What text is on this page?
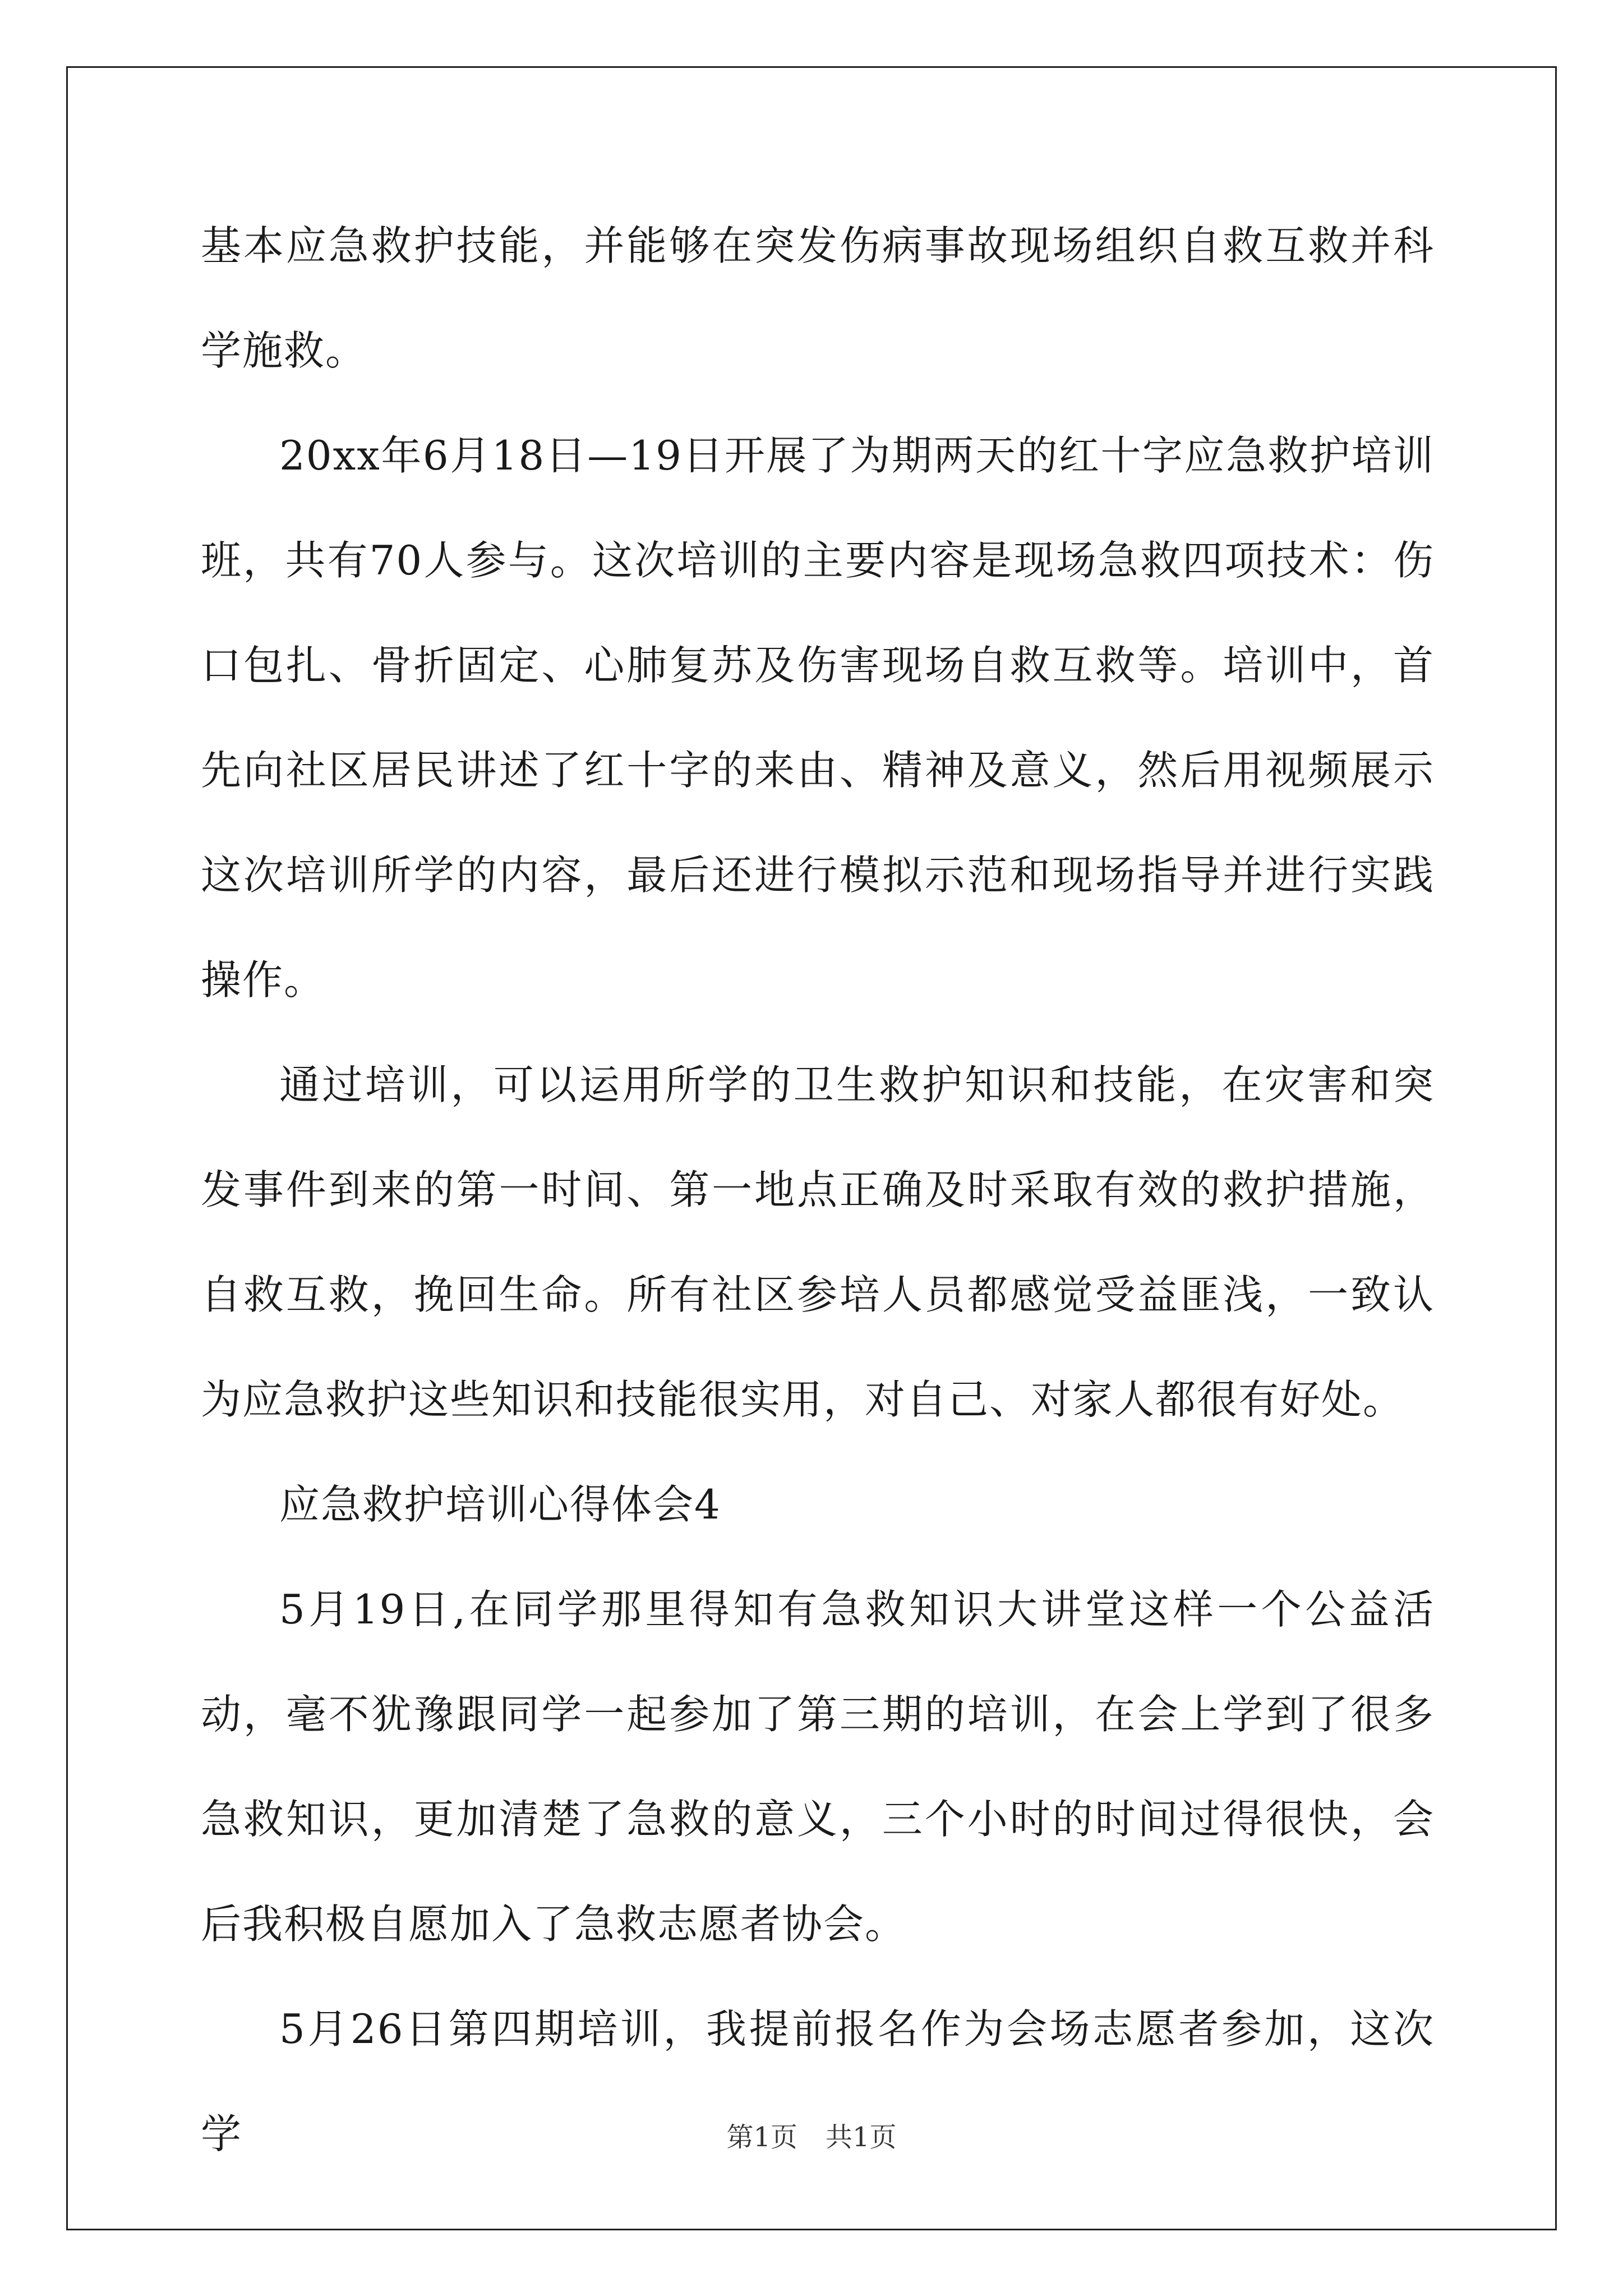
基本应急救护技能，并能够在突发伤病事故现场组织自救互救并科学施救。

20xx年6月18日—19日开展了为期两天的红十字应急救护培训班，共有70人参与。这次培训的主要内容是现场急救四项技术：伤口包扎、骨折固定、心肺复苏及伤害现场自救互救等。培训中，首先向社区居民讲述了红十字的来由、精神及意义，然后用视频展示这次培训所学的内容，最后还进行模拟示范和现场指导并进行实践操作。

通过培训，可以运用所学的卫生救护知识和技能，在灾害和突发事件到来的第一时间、第一地点正确及时采取有效的救护措施，自救互救，挽回生命。所有社区参培人员都感觉受益匪浅，一致认为应急救护这些知识和技能很实用，对自己、对家人都很有好处。

应急救护培训心得体会4

5月19日,在同学那里得知有急救知识大讲堂这样一个公益活动，毫不犹豫跟同学一起参加了第三期的培训，在会上学到了很多急救知识，更加清楚了急救的意义，三个小时的时间过得很快，会后我积极自愿加入了急救志愿者协会。

5月26日第四期培训，我提前报名作为会场志愿者参加，这次学	第1页 共1页
